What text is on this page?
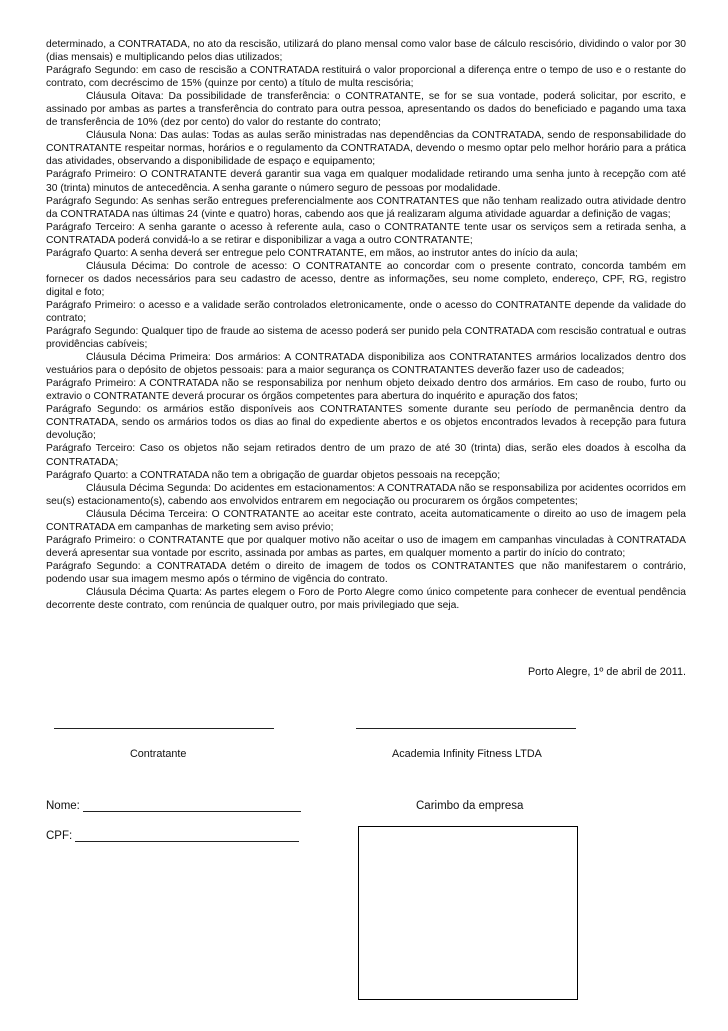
determinado, a CONTRATADA, no ato da rescisão, utilizará do plano mensal como valor base de cálculo rescisório, dividindo o valor por 30 (dias mensais) e multiplicando pelos dias utilizados;

Parágrafo Segundo: em caso de rescisão a CONTRATADA restituirá o valor proporcional a diferença entre o tempo de uso e o restante do contrato, com decréscimo de 15% (quinze por cento) a título de multa rescisória;

Cláusula Oitava: Da possibilidade de transferência: o CONTRATANTE, se for se sua vontade, poderá solicitar, por escrito, e assinado por ambas as partes a transferência do contrato para outra pessoa, apresentando os dados do beneficiado e pagando uma taxa de transferência de 10% (dez por cento) do valor do restante do contrato;

Cláusula Nona: Das aulas: Todas as aulas serão ministradas nas dependências da CONTRATADA, sendo de responsabilidade do CONTRATANTE respeitar normas, horários e o regulamento da CONTRATADA, devendo o mesmo optar pelo melhor horário para a prática das atividades, observando a disponibilidade de espaço e equipamento;

Parágrafo Primeiro: O CONTRATANTE deverá garantir sua vaga em qualquer modalidade retirando uma senha junto à recepção com até 30 (trinta) minutos de antecedência. A senha garante o número seguro de pessoas por modalidade.

Parágrafo Segundo: As senhas serão entregues preferencialmente aos CONTRATANTES que não tenham realizado outra atividade dentro da CONTRATADA nas últimas 24 (vinte e quatro) horas, cabendo aos que já realizaram alguma atividade aguardar a definição de vagas;

Parágrafo Terceiro: A senha garante o acesso à referente aula, caso o CONTRATANTE tente usar os serviços sem a retirada senha, a CONTRATADA poderá convidá-lo a se retirar e disponibilizar a vaga a outro CONTRATANTE;

Parágrafo Quarto: A senha deverá ser entregue pelo CONTRATANTE, em mãos, ao instrutor antes do início da aula;

Cláusula Décima: Do controle de acesso: O CONTRATANTE ao concordar com o presente contrato, concorda também em fornecer os dados necessários para seu cadastro de acesso, dentre as informações, seu nome completo, endereço, CPF, RG, registro digital e foto;

Parágrafo Primeiro: o acesso e a validade serão controlados eletronicamente, onde o acesso do CONTRATANTE depende da validade do contrato;

Parágrafo Segundo: Qualquer tipo de fraude ao sistema de acesso poderá ser punido pela CONTRATADA com rescisão contratual e outras providências cabíveis;

Cláusula Décima Primeira: Dos armários: A CONTRATADA disponibiliza aos CONTRATANTES armários localizados dentro dos vestuários para o depósito de objetos pessoais: para a maior segurança os CONTRATANTES deverão fazer uso de cadeados;

Parágrafo Primeiro: A CONTRATADA não se responsabiliza por nenhum objeto deixado dentro dos armários. Em caso de roubo, furto ou extravio o CONTRATANTE deverá procurar os órgãos competentes para abertura do inquérito e apuração dos fatos;

Parágrafo Segundo: os armários estão disponíveis aos CONTRATANTES somente durante seu período de permanência dentro da CONTRATADA, sendo os armários todos os dias ao final do expediente abertos e os objetos encontrados levados à recepção para futura devolução;

Parágrafo Terceiro: Caso os objetos não sejam retirados dentro de um prazo de até 30 (trinta) dias, serão eles doados à escolha da CONTRATADA;

Parágrafo Quarto: a CONTRATADA não tem a obrigação de guardar objetos pessoais na recepção;

Cláusula Décima Segunda: Do acidentes em estacionamentos: A CONTRATADA não se responsabiliza por acidentes ocorridos em seu(s) estacionamento(s), cabendo aos envolvidos entrarem em negociação ou procurarem os órgãos competentes;

Cláusula Décima Terceira: O CONTRATANTE ao aceitar este contrato, aceita automaticamente o direito ao uso de imagem pela CONTRATADA em campanhas de marketing sem aviso prévio;

Parágrafo Primeiro: o CONTRATANTE que por qualquer motivo não aceitar o uso de imagem em campanhas vinculadas à CONTRATADA deverá apresentar sua vontade por escrito, assinada por ambas as partes, em qualquer momento a partir do início do contrato;

Parágrafo Segundo: a CONTRATADA detém o direito de imagem de todos os CONTRATANTES que não manifestarem o contrário, podendo usar sua imagem mesmo após o término de vigência do contrato.

Cláusula Décima Quarta: As partes elegem o Foro de Porto Alegre como único competente para conhecer de eventual pendência decorrente deste contrato, com renúncia de qualquer outro, por mais privilegiado que seja.

Porto Alegre, 1º de abril de 2011.
Contratante	Academia Infinity Fitness LTDA
Nome:
CPF:
Carimbo da empresa
